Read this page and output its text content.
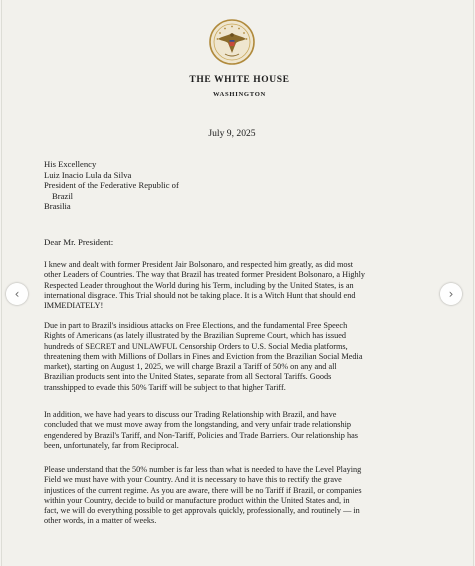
THE WHITE HOUSE
WASHINGTON
July 9, 2025
His Excellency
Luiz Inacio Lula da Silva
President of the Federative Republic of
Brazil
Brasilia
Dear Mr. President:
I knew and dealt with former President Jair Bolsonaro, and respected him greatly, as did most
other Leaders of Countries. The way that Brazil has treated former President Bolsonaro, a Highly
Respected Leader throughout the World during his Term, including by the United States, is an
international disgrace. This Trial should not be taking place. It is a Witch Hunt that should end
IMMEDIATELY!
Due in part to Brazil's insidious attacks on Free Elections, and the fundamental Free Speech
Rights of Americans (as lately illustrated by the Brazilian Supreme Court, which has issued
hundreds of SECRET and UNLAWFUL Censorship Orders to U.S. Social Media platforms,
threatening them with Millions of Dollars in Fines and Eviction from the Brazilian Social Media
market), starting on August 1, 2025, we will charge Brazil a Tariff of 50% on any and all
Brazilian products sent into the United States, separate from all Sectoral Tariffs. Goods
transshipped to evade this 50% Tariff will be subject to that higher Tariff.
In addition, we have had years to discuss our Trading Relationship with Brazil, and have
concluded that we must move away from the longstanding, and very unfair trade relationship
engendered by Brazil's Tariff, and Non-Tariff, Policies and Trade Barriers. Our relationship has
been, unfortunately, far from Reciprocal.
Please understand that the 50% number is far less than what is needed to have the Level Playing
Field we must have with your Country. And it is necessary to have this to rectify the grave
injustices of the current regime. As you are aware, there will be no Tariff if Brazil, or companies
within your Country, decide to build or manufacture product within the United States and, in
fact, we will do everything possible to get approvals quickly, professionally, and routinely — in
other words, in a matter of weeks.
‹	›
